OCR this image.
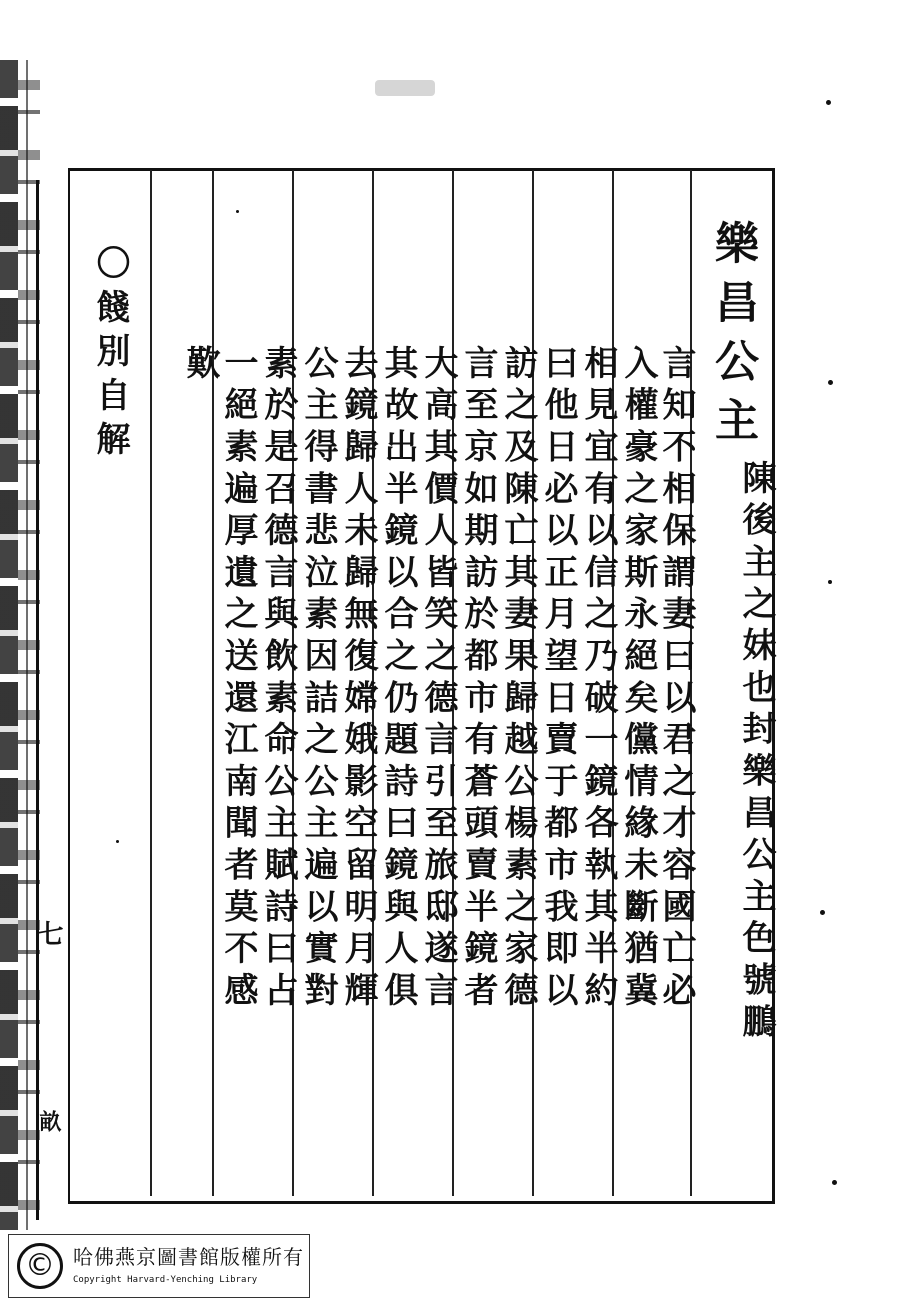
樂昌公主
陳後主之妹也封樂昌公主色號鵬
言知不相保謂妻曰以君之才容國亡必
入權豪之家斯永絕矣儻情緣未斷猶冀
相見宜有以信之乃破一鏡各執其半約
曰他日必以正月望日賣于都市我即以
訪之及陳亡其妻果歸越公楊素之家德
言至京如期訪於都市有蒼頭賣半鏡者
大高其價人皆笑之德言引至旅邸遂言
其故出半鏡以合之仍題詩曰鏡與人俱
去鏡歸人未歸無復嫦娥影空留明月輝
公主得書悲泣素因詰之公主遍以實對
素於是召德言與飲素命公主賦詩曰占
一絕素遍厚遺之送還江南聞者莫不感
歎
〇餞別自解
畝
七
© 哈佛燕京圖書館版權所有
Copyright Harvard-Yenching Library
